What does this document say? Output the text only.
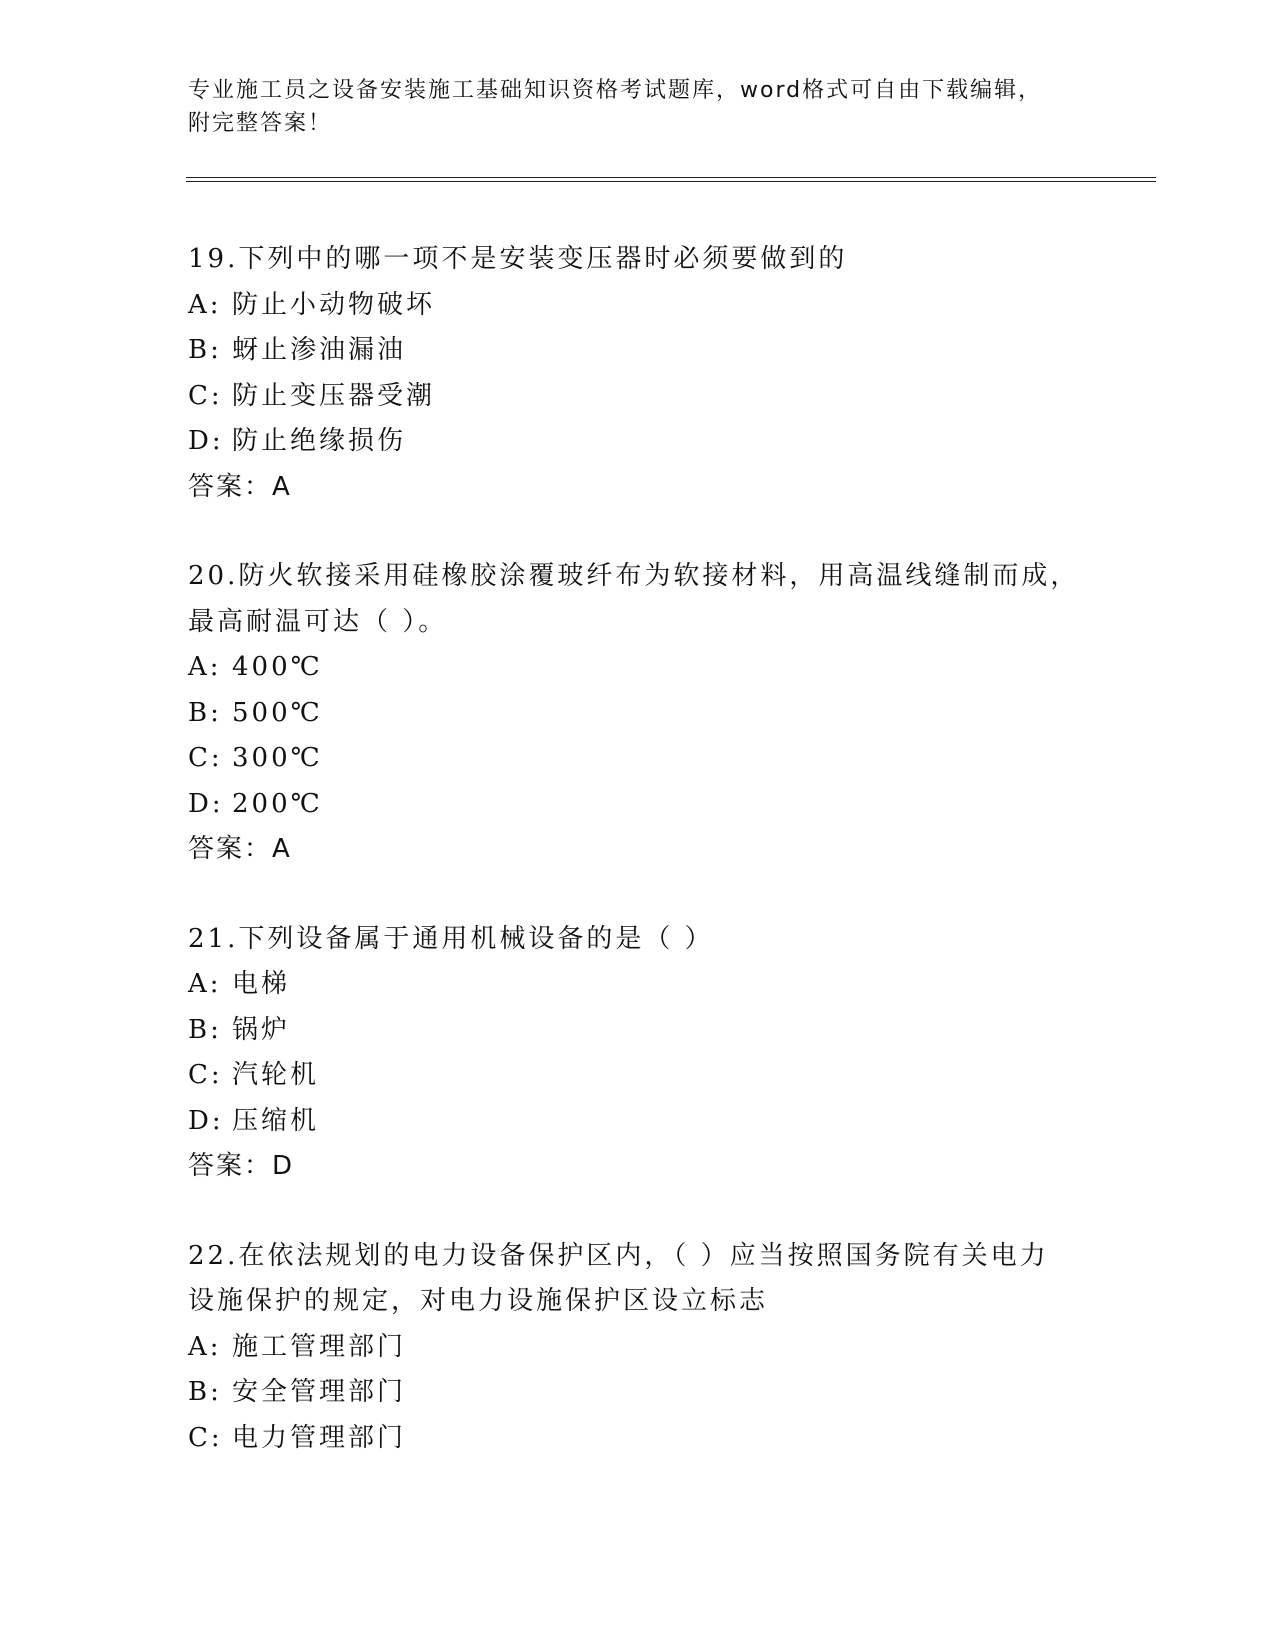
专业施工员之设备安装施工基础知识资格考试题库，word格式可自由下载编辑，
附完整答案！
19.下列中的哪一项不是安装变压器时必须要做到的
A: 防止小动物破坏
B: 蚜止渗油漏油
C: 防止变压器受潮
D: 防止绝缘损伤
答案：A
20.防火软接采用硅橡胶涂覆玻纤布为软接材料，用高温线缝制而成，
最高耐温可达（ ）。
A: 400℃
B: 500℃
C: 300℃
D: 200℃
答案：A
21.下列设备属于通用机械设备的是（ ）
A: 电梯
B: 锅炉
C: 汽轮机
D: 压缩机
答案：D
22.在依法规划的电力设备保护区内，（ ）应当按照国务院有关电力
设施保护的规定，对电力设施保护区设立标志
A: 施工管理部门
B: 安全管理部门
C: 电力管理部门
